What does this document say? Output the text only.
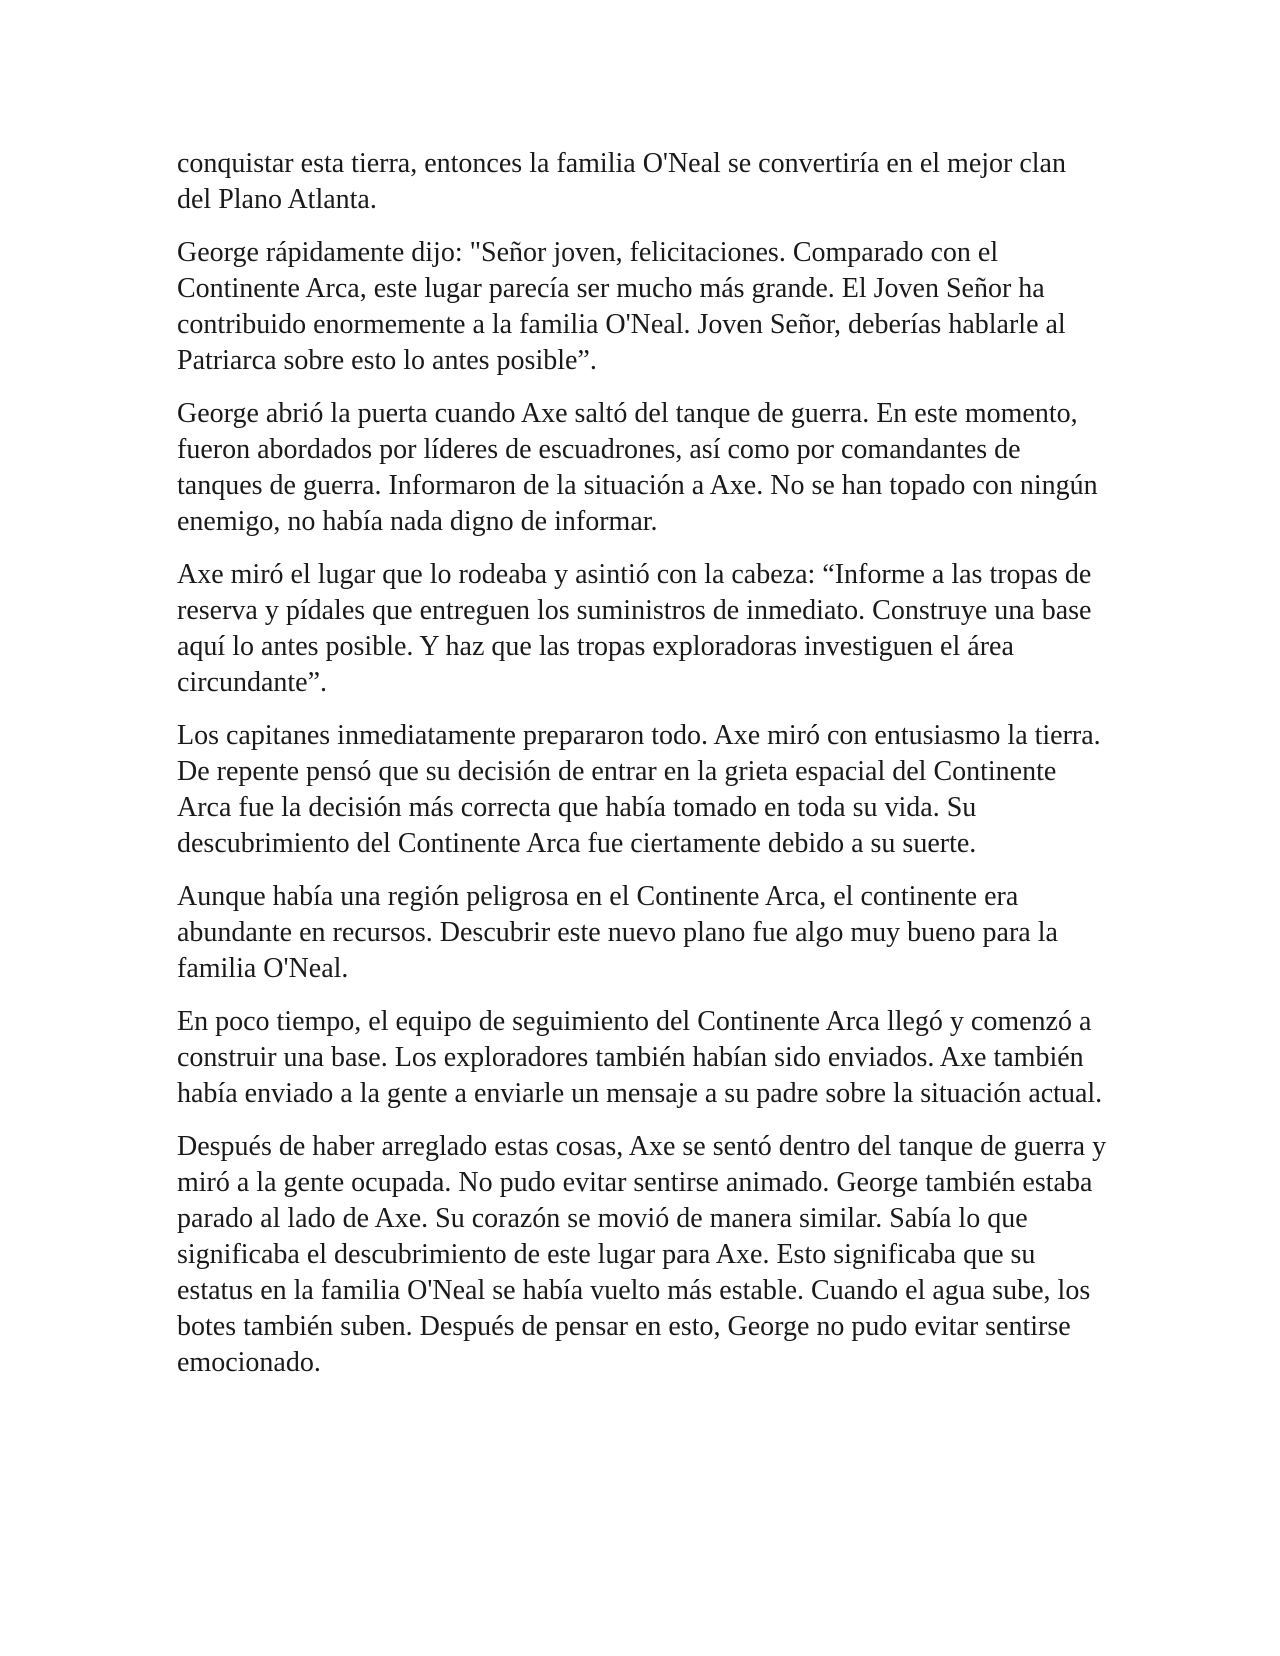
conquistar esta tierra, entonces la familia O'Neal se convertiría en el mejor clan del Plano Atlanta.

George rápidamente dijo: "Señor joven, felicitaciones. Comparado con el Continente Arca, este lugar parecía ser mucho más grande. El Joven Señor ha contribuido enormemente a la familia O'Neal. Joven Señor, deberías hablarle al Patriarca sobre esto lo antes posible”.

George abrió la puerta cuando Axe saltó del tanque de guerra. En este momento, fueron abordados por líderes de escuadrones, así como por comandantes de tanques de guerra. Informaron de la situación a Axe. No se han topado con ningún enemigo, no había nada digno de informar.

Axe miró el lugar que lo rodeaba y asintió con la cabeza: “Informe a las tropas de reserva y pídales que entreguen los suministros de inmediato. Construye una base aquí lo antes posible. Y haz que las tropas exploradoras investiguen el área circundante”.

Los capitanes inmediatamente prepararon todo. Axe miró con entusiasmo la tierra. De repente pensó que su decisión de entrar en la grieta espacial del Continente Arca fue la decisión más correcta que había tomado en toda su vida. Su descubrimiento del Continente Arca fue ciertamente debido a su suerte.

Aunque había una región peligrosa en el Continente Arca, el continente era abundante en recursos. Descubrir este nuevo plano fue algo muy bueno para la familia O'Neal.

En poco tiempo, el equipo de seguimiento del Continente Arca llegó y comenzó a construir una base. Los exploradores también habían sido enviados. Axe también había enviado a la gente a enviarle un mensaje a su padre sobre la situación actual.

Después de haber arreglado estas cosas, Axe se sentó dentro del tanque de guerra y miró a la gente ocupada. No pudo evitar sentirse animado. George también estaba parado al lado de Axe. Su corazón se movió de manera similar. Sabía lo que significaba el descubrimiento de este lugar para Axe. Esto significaba que su estatus en la familia O'Neal se había vuelto más estable. Cuando el agua sube, los botes también suben. Después de pensar en esto, George no pudo evitar sentirse emocionado.
